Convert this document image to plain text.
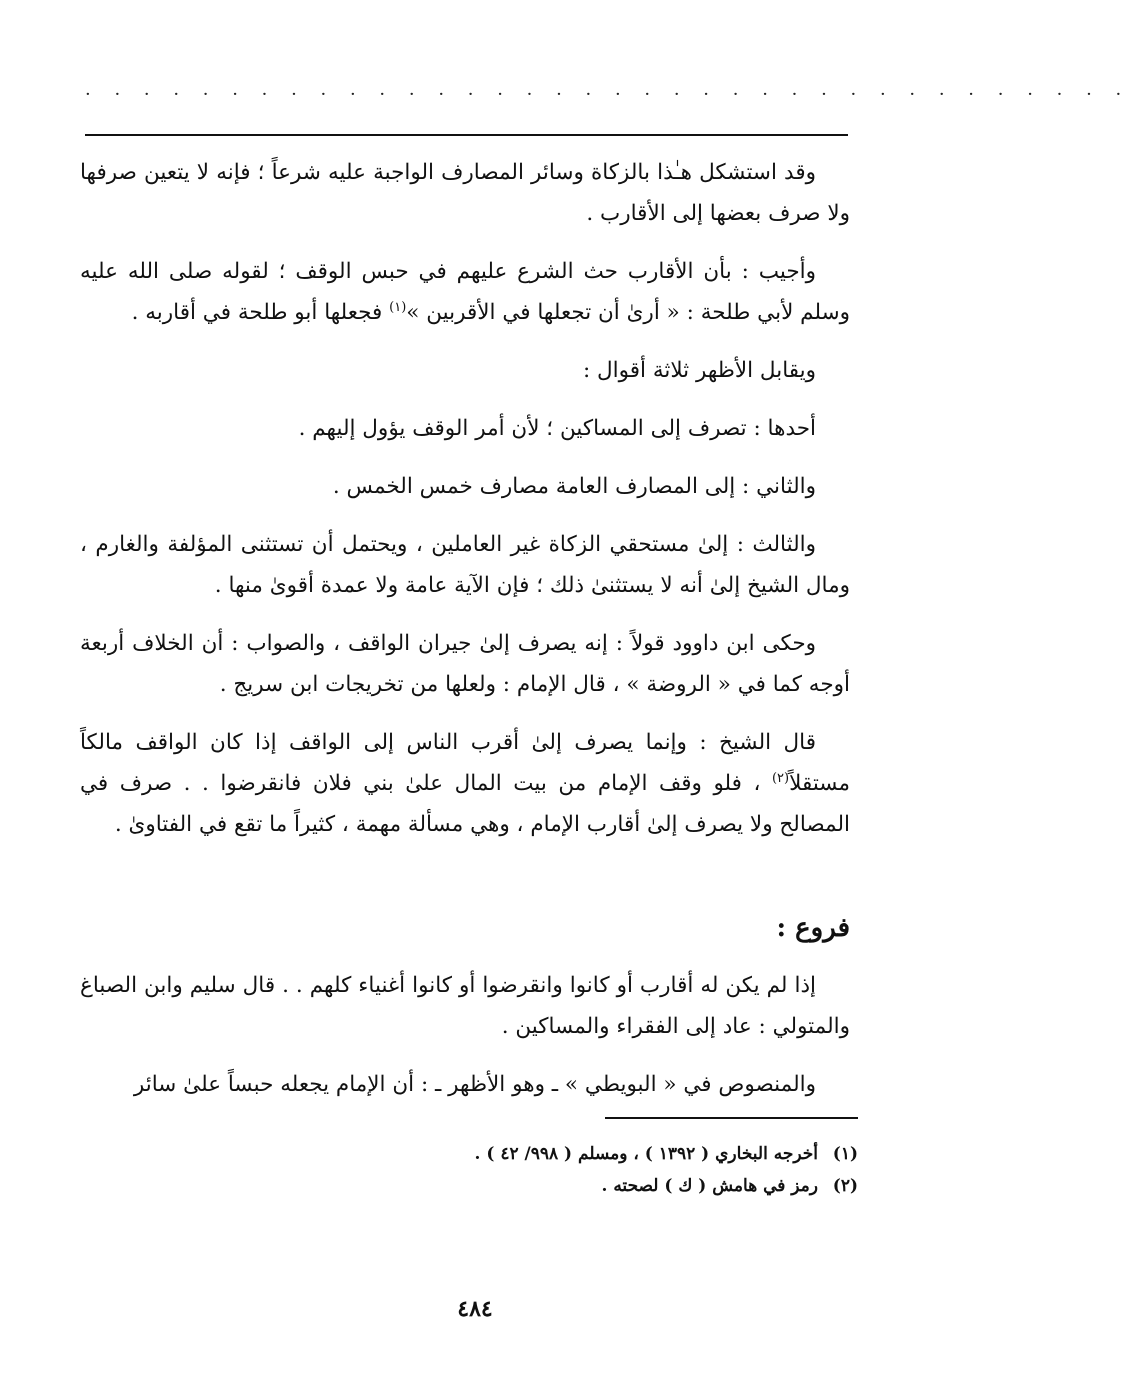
· · · · · · · · · · · · · · · · · · · · · · · · · · · · · · · · · · · ·

وقد استشكل هـٰذا بالزكاة وسائر المصارف الواجبة عليه شرعاً ؛ فإنه لا يتعين صرفها ولا صرف بعضها إلى الأقارب .

وأجيب : بأن الأقارب حث الشرع عليهم في حبس الوقف ؛ لقوله صلى الله عليه وسلم لأبي طلحة : « أرىٰ أن تجعلها في الأقربين »$^{(١)}$ فجعلها أبو طلحة في أقاربه .

ويقابل الأظهر ثلاثة أقوال :

أحدها : تصرف إلى المساكين ؛ لأن أمر الوقف يؤول إليهم .

والثاني : إلى المصارف العامة مصارف خمس الخمس .

والثالث : إلىٰ مستحقي الزكاة غير العاملين ، ويحتمل أن تستثنى المؤلفة والغارم ، ومال الشيخ إلىٰ أنه لا يستثنىٰ ذلك ؛ فإن الآية عامة ولا عمدة أقوىٰ منها .

وحكى ابن داوود قولاً : إنه يصرف إلىٰ جيران الواقف ، والصواب : أن الخلاف أربعة أوجه كما في « الروضة » ، قال الإمام : ولعلها من تخريجات ابن سريج .

قال الشيخ : وإنما يصرف إلىٰ أقرب الناس إلى الواقف إذا كان الواقف مالكاً مستقلاً$^{(٢)}$ ، فلو وقف الإمام من بيت المال علىٰ بني فلان فانقرضوا . . صرف في المصالح ولا يصرف إلىٰ أقارب الإمام ، وهي مسألة مهمة ، كثيراً ما تقع في الفتاوىٰ .

فروع :

إذا لم يكن له أقارب أو كانوا وانقرضوا أو كانوا أغنياء كلهم . . قال سليم وابن الصباغ والمتولي : عاد إلى الفقراء والمساكين .

والمنصوص في « البويطي » ـ وهو الأظهر ـ : أن الإمام يجعله حبساً علىٰ سائر

(١)أخرجه البخاري ( ١٣٩٢ ) ، ومسلم ( ٩٩٨/ ٤٢ ) .
(٢)رمز في هامش ( ك ) لصحته .
٤٨٤
